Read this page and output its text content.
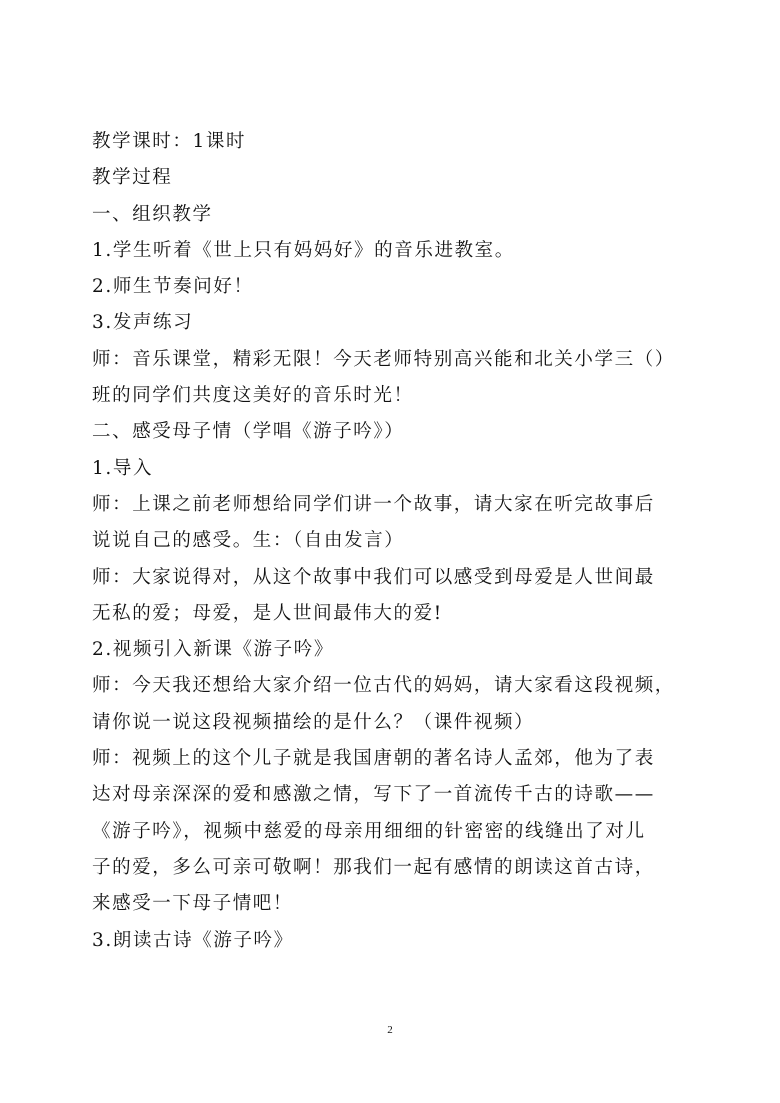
教学课时：1课时
教学过程
一、组织教学
1.学生听着《世上只有妈妈好》的音乐进教室。
2.师生节奏问好！
3.发声练习
师：音乐课堂，精彩无限！今天老师特别高兴能和北关小学三（）
班的同学们共度这美好的音乐时光！
二、感受母子情（学唱《游子吟》）
1.导入
师：上课之前老师想给同学们讲一个故事，请大家在听完故事后
说说自己的感受。生：（自由发言）
师：大家说得对，从这个故事中我们可以感受到母爱是人世间最
无私的爱；母爱，是人世间最伟大的爱!
2.视频引入新课《游子吟》
师：今天我还想给大家介绍一位古代的妈妈，请大家看这段视频，
请你说一说这段视频描绘的是什么？（课件视频）
师：视频上的这个儿子就是我国唐朝的著名诗人孟郊，他为了表
达对母亲深深的爱和感激之情，写下了一首流传千古的诗歌——
《游子吟》，视频中慈爱的母亲用细细的针密密的线缝出了对儿
子的爱，多么可亲可敬啊！那我们一起有感情的朗读这首古诗，
来感受一下母子情吧！
3.朗读古诗《游子吟》
2
